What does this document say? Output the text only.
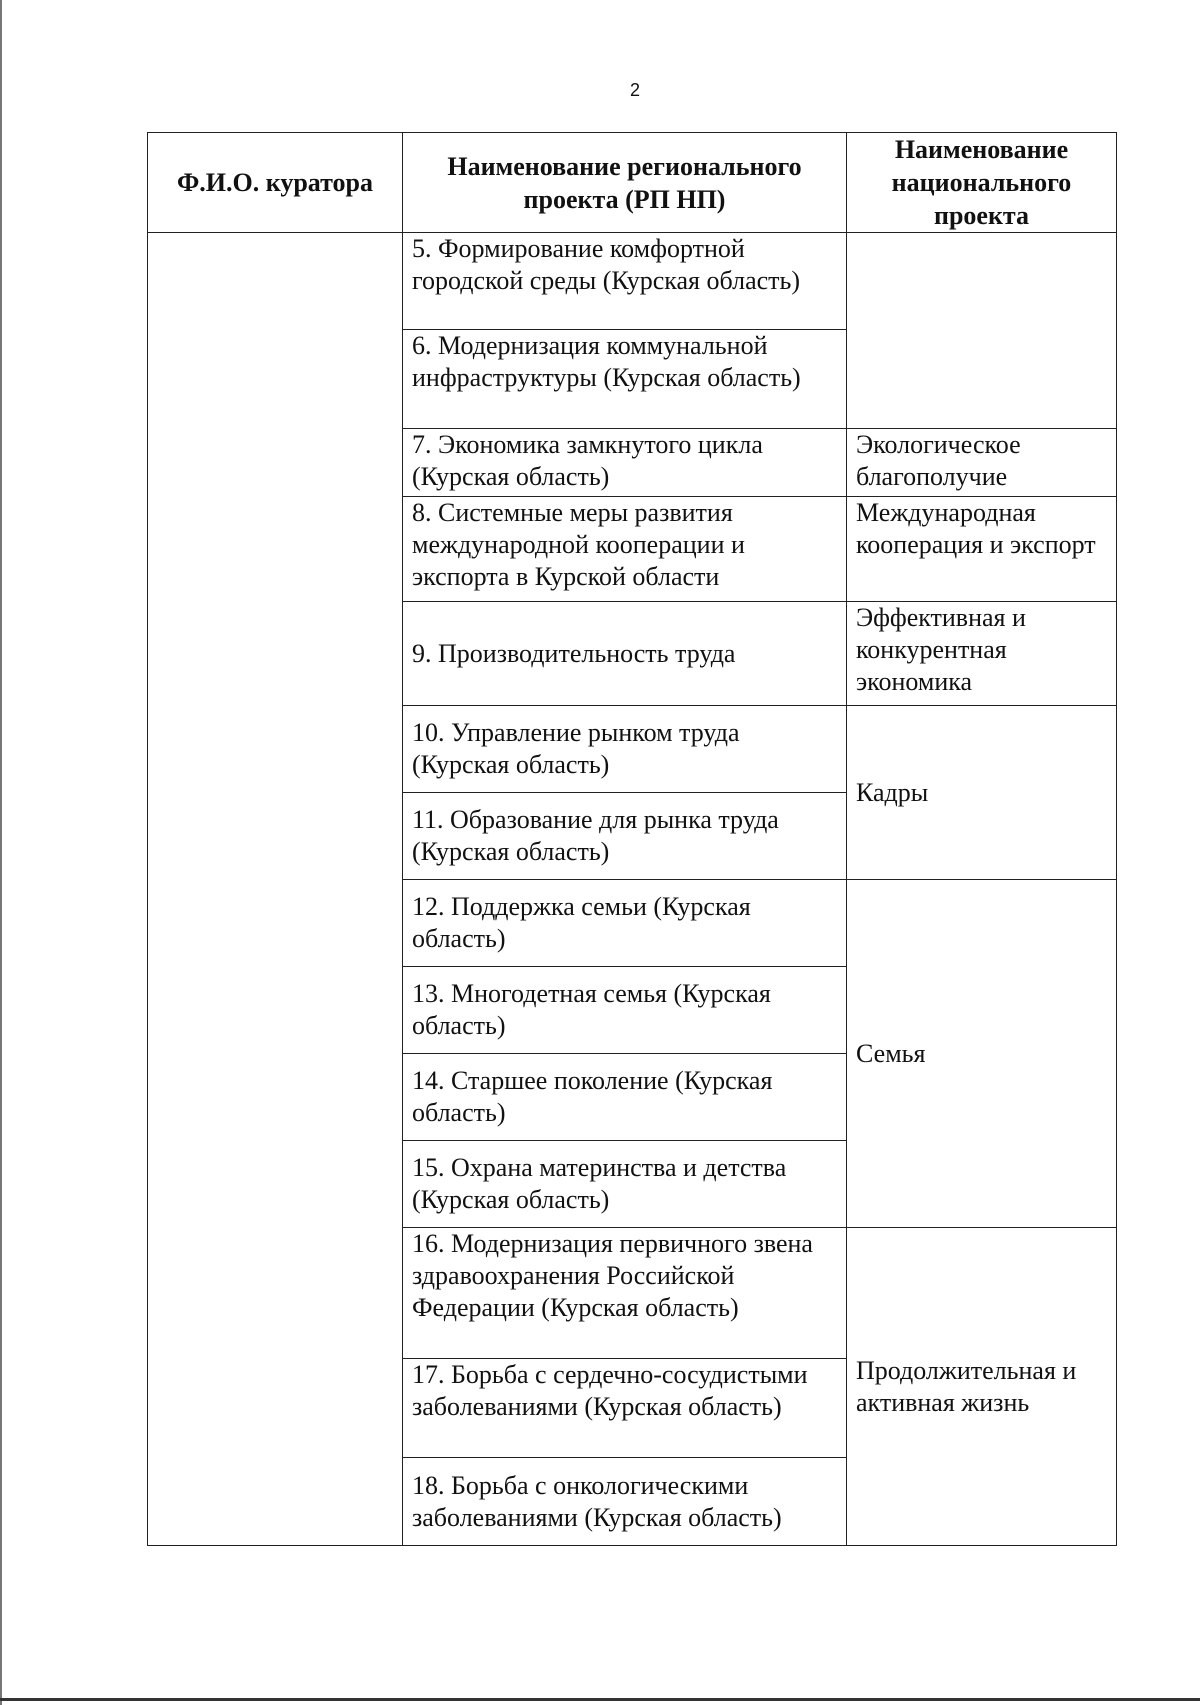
2
Ф.И.О. куратора	Наименование регионального проекта (РП НП)	Наименование национального проекта
	5. Формирование комфортной городской среды (Курская область)	
	6. Модернизация коммунальной инфраструктуры (Курская область)	
	7. Экономика замкнутого цикла (Курская область)	Экологическое благополучие
	8. Системные меры развития международной кооперации и экспорта в Курской области	Международная кооперация и экспорт
	9. Производительность труда	Эффективная и конкурентная экономика
	10. Управление рынком труда (Курская область)	Кадры
	11. Образование для рынка труда (Курская область)	
	12. Поддержка семьи (Курская область)	Семья
	13. Многодетная семья (Курская область)	
	14. Старшее поколение (Курская область)	
	15. Охрана материнства и детства (Курская область)	
	16. Модернизация первичного звена здравоохранения Российской Федерации (Курская область)	Продолжительная и активная жизнь
	17. Борьба с сердечно-сосудистыми заболеваниями (Курская область)	
	18. Борьба с онкологическими заболеваниями (Курская область)	
